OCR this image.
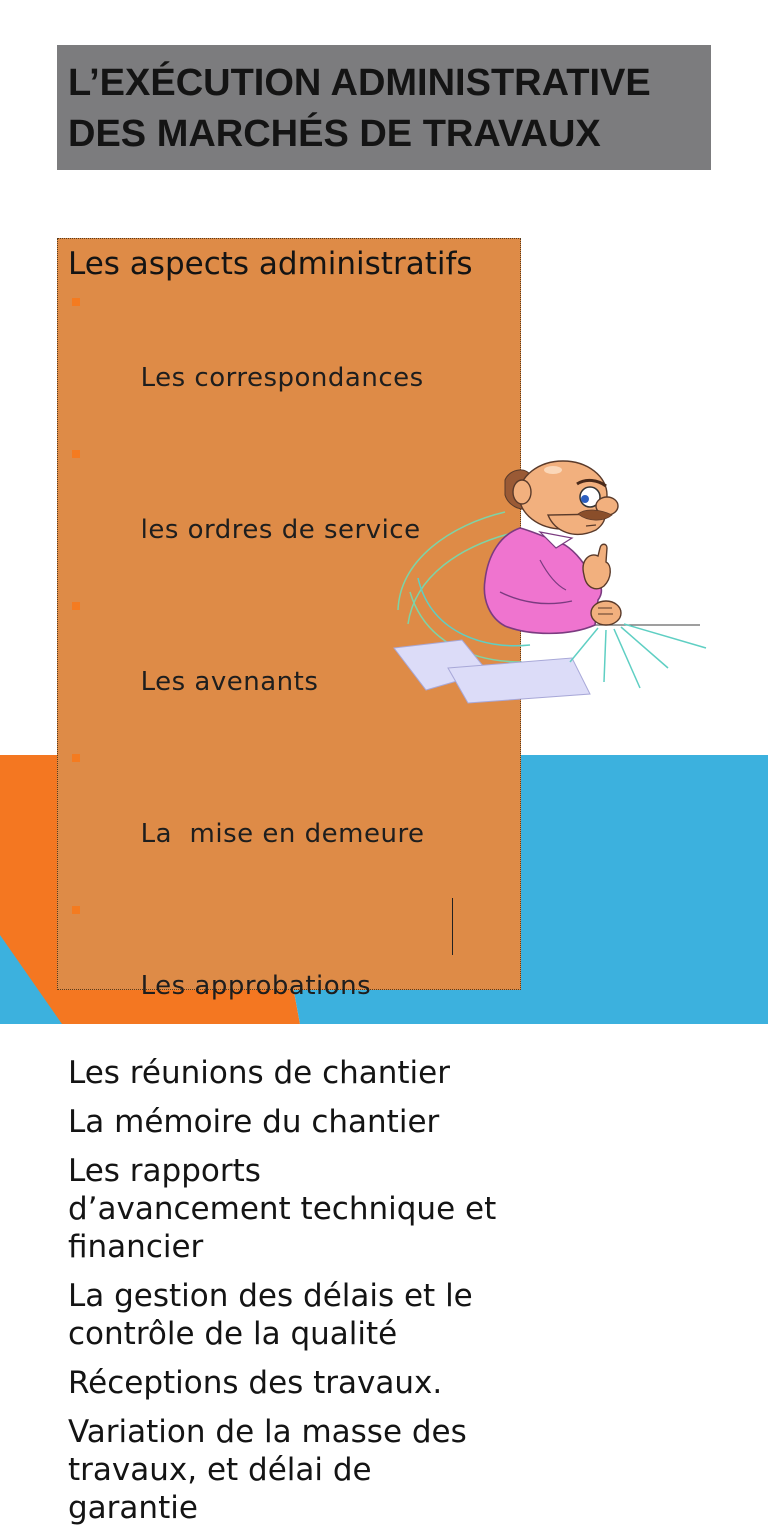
L’EXÉCUTION ADMINISTRATIVE DES MARCHÉS DE TRAVAUX
Les aspects administratifs

Les correspondances

les ordres de service

Les avenants

La  mise en demeure

Les approbations

Les réunions de chantier
La mémoire du chantier
Les rapports
d’avancement technique et
financier
La gestion des délais et le
contrôle de la qualité
Réceptions des travaux.
Variation de la masse des
travaux, et délai de
garantie
